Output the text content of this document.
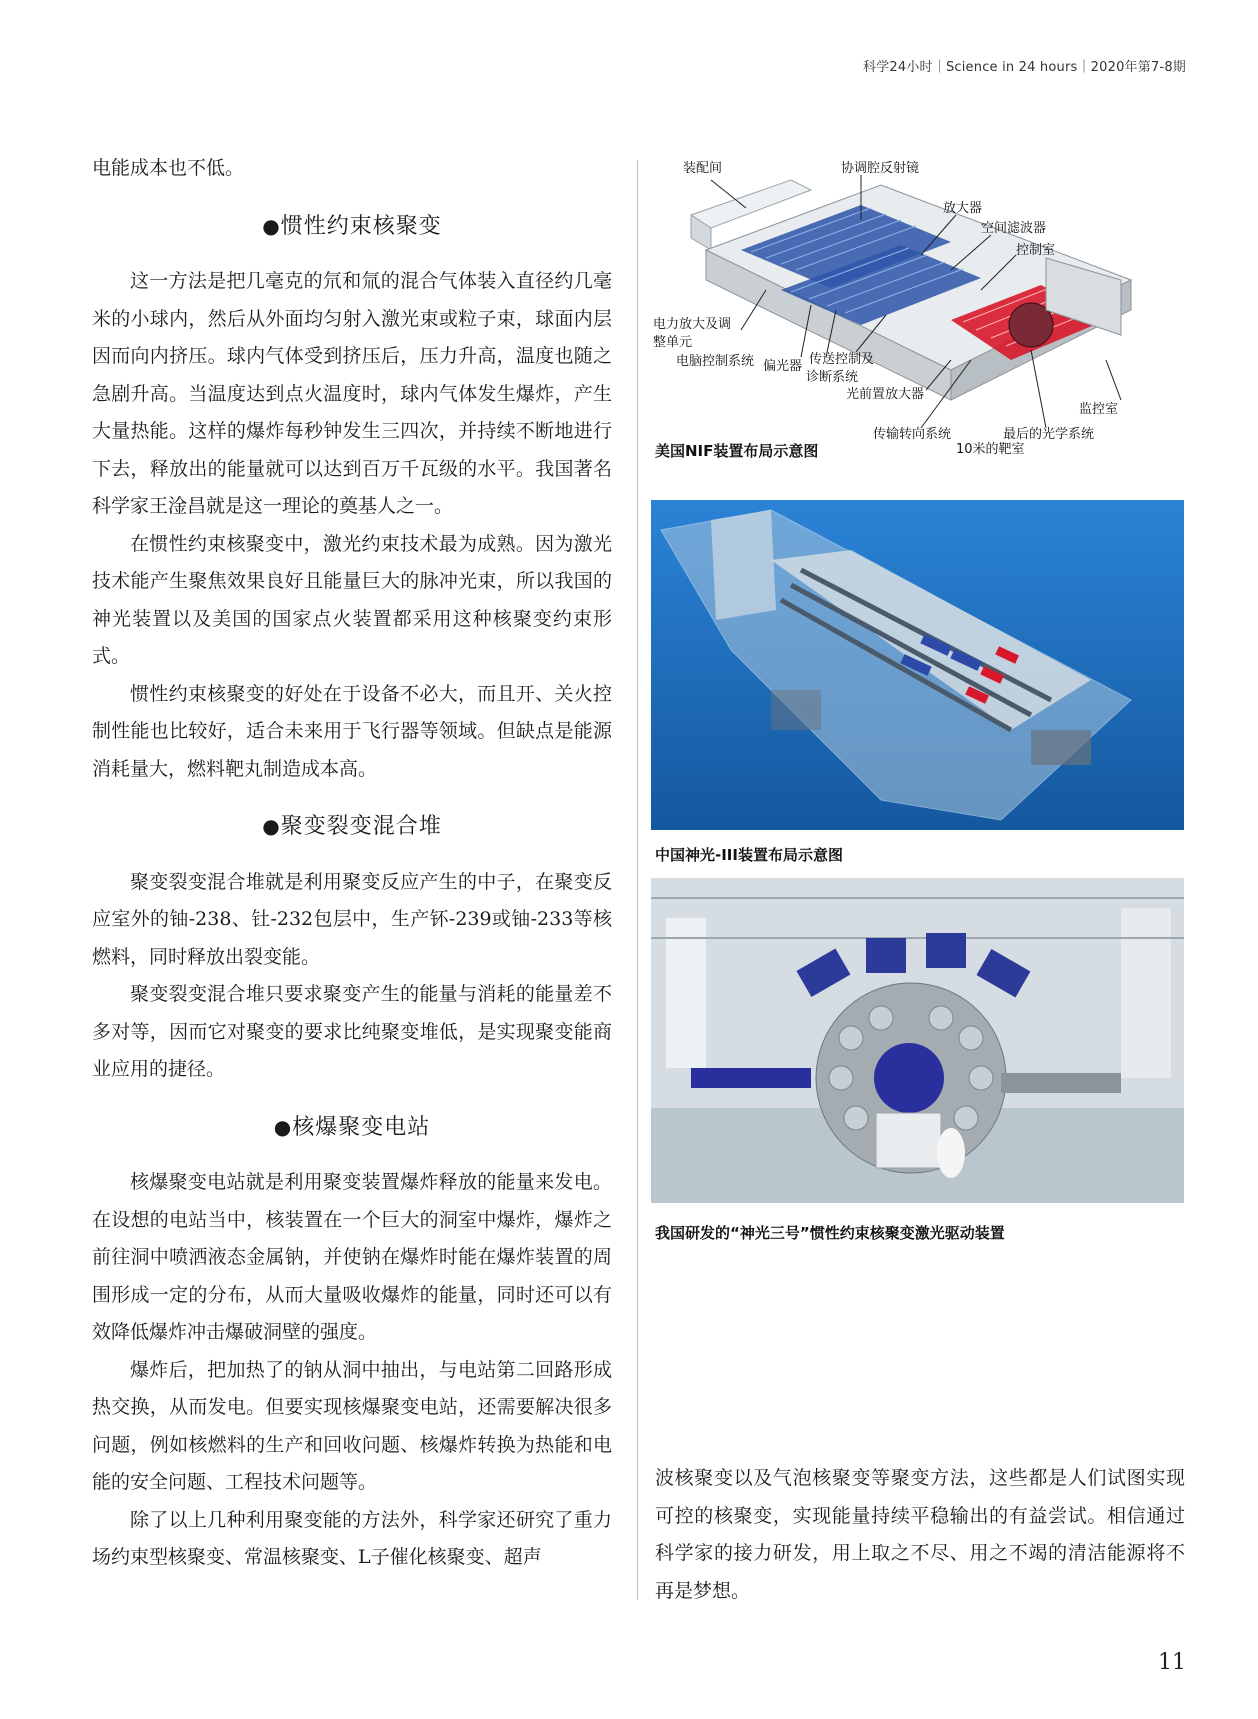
科学24小时｜Science in 24 hours｜2020年第7-8期

电能成本也不低。

●惯性约束核聚变

这一方法是把几毫克的氘和氚的混合气体装入直径约几毫米的小球内，然后从外面均匀射入激光束或粒子束，球面内层因而向内挤压。球内气体受到挤压后，压力升高，温度也随之急剧升高。当温度达到点火温度时，球内气体发生爆炸，产生大量热能。这样的爆炸每秒钟发生三四次，并持续不断地进行下去，释放出的能量就可以达到百万千瓦级的水平。我国著名科学家王淦昌就是这一理论的奠基人之一。

在惯性约束核聚变中，激光约束技术最为成熟。因为激光技术能产生聚焦效果良好且能量巨大的脉冲光束，所以我国的神光装置以及美国的国家点火装置都采用这种核聚变约束形式。

惯性约束核聚变的好处在于设备不必大，而且开、关火控制性能也比较好，适合未来用于飞行器等领域。但缺点是能源消耗量大，燃料靶丸制造成本高。

●聚变裂变混合堆

聚变裂变混合堆就是利用聚变反应产生的中子，在聚变反应室外的铀-238、钍-232包层中，生产钚-239或铀-233等核燃料，同时释放出裂变能。

聚变裂变混合堆只要求聚变产生的能量与消耗的能量差不多对等，因而它对聚变的要求比纯聚变堆低，是实现聚变能商业应用的捷径。

●核爆聚变电站

核爆聚变电站就是利用聚变装置爆炸释放的能量来发电。在设想的电站当中，核装置在一个巨大的洞室中爆炸，爆炸之前往洞中喷洒液态金属钠，并使钠在爆炸时能在爆炸装置的周围形成一定的分布，从而大量吸收爆炸的能量，同时还可以有效降低爆炸冲击爆破洞壁的强度。

爆炸后，把加热了的钠从洞中抽出，与电站第二回路形成热交换，从而发电。但要实现核爆聚变电站，还需要解决很多问题，例如核燃料的生产和回收问题、核爆炸转换为热能和电能的安全问题、工程技术问题等。

除了以上几种利用聚变能的方法外，科学家还研究了重力场约束型核聚变、常温核聚变、L子催化核聚变、超声

装配间	协调腔反射镜
放大器
空间滤波器
控制室
电力放大及调
整单元
电脑控制系统 偏光器 传送控制及
诊断系统
光前置放大器
监控室
传输转向系统	最后的光学系统
10米的靶室
美国NIF装置布局示意图
中国神光-III装置布局示意图
我国研发的“神光三号”惯性约束核聚变激光驱动装置

波核聚变以及气泡核聚变等聚变方法，这些都是人们试图实现可控的核聚变，实现能量持续平稳输出的有益尝试。相信通过科学家的接力研发，用上取之不尽、用之不竭的清洁能源将不再是梦想。

11
